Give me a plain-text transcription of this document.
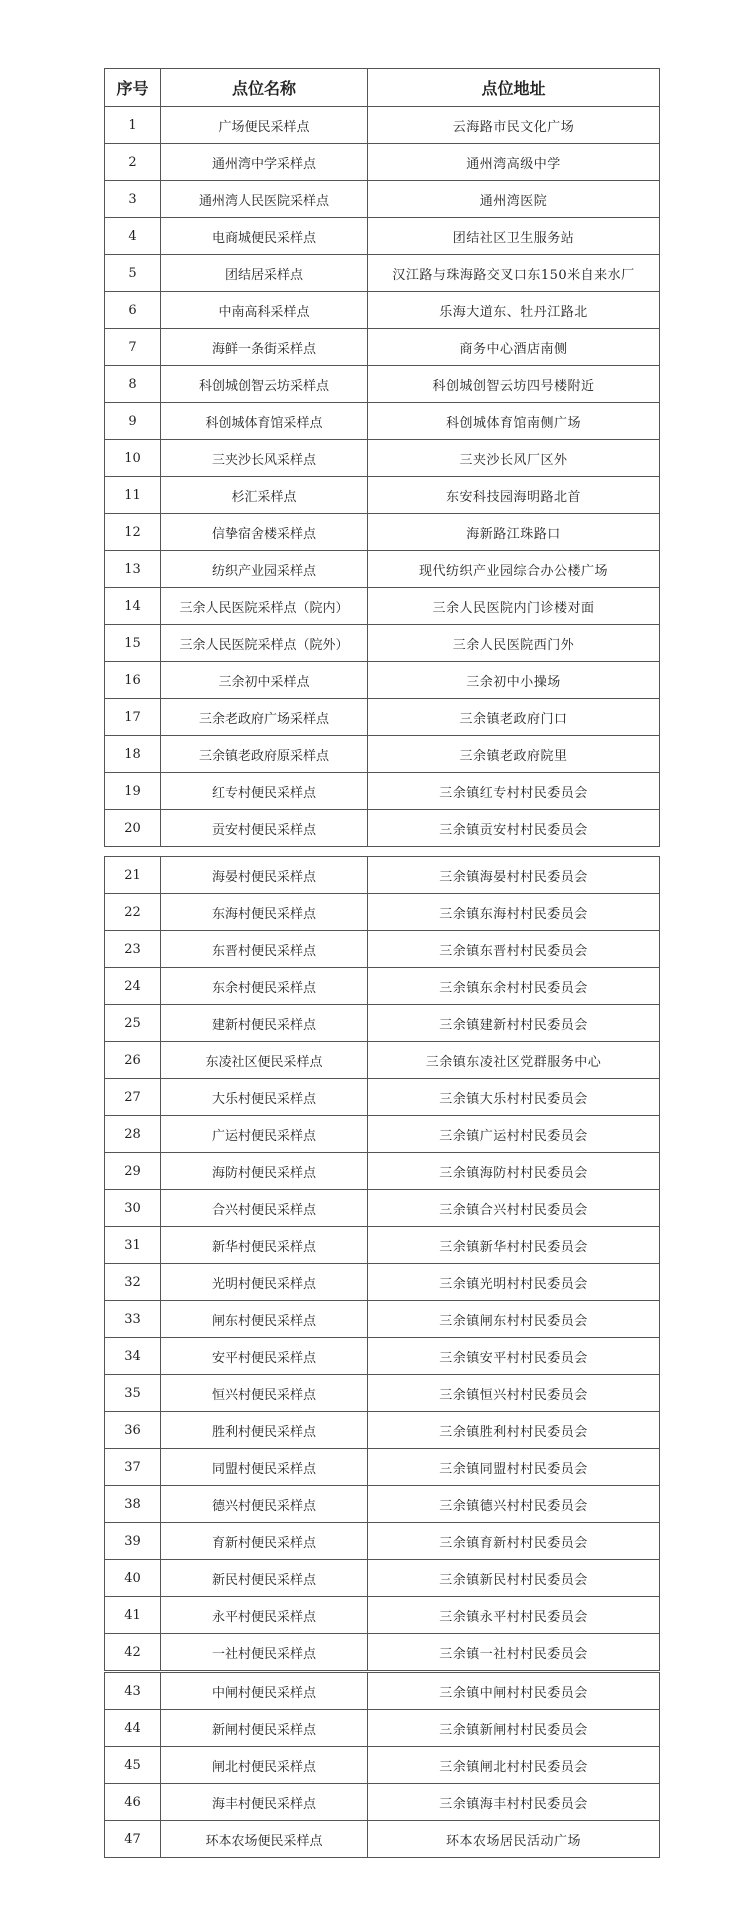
序号	点位名称	点位地址
1	广场便民采样点	云海路市民文化广场
2	通州湾中学采样点	通州湾高级中学
3	通州湾人民医院采样点	通州湾医院
4	电商城便民采样点	团结社区卫生服务站
5	团结居采样点	汉江路与珠海路交叉口东150米自来水厂
6	中南高科采样点	乐海大道东、牡丹江路北
7	海鲜一条街采样点	商务中心酒店南侧
8	科创城创智云坊采样点	科创城创智云坊四号楼附近
9	科创城体育馆采样点	科创城体育馆南侧广场
10	三夹沙长风采样点	三夹沙长风厂区外
11	杉汇采样点	东安科技园海明路北首
12	信挚宿舍楼采样点	海新路江珠路口
13	纺织产业园采样点	现代纺织产业园综合办公楼广场
14	三余人民医院采样点（院内）	三余人民医院内门诊楼对面
15	三余人民医院采样点（院外）	三余人民医院西门外
16	三余初中采样点	三余初中小操场
17	三余老政府广场采样点	三余镇老政府门口
18	三余镇老政府原采样点	三余镇老政府院里
19	红专村便民采样点	三余镇红专村村民委员会
20	贡安村便民采样点	三余镇贡安村村民委员会
21	海晏村便民采样点	三余镇海晏村村民委员会
22	东海村便民采样点	三余镇东海村村民委员会
23	东晋村便民采样点	三余镇东晋村村民委员会
24	东余村便民采样点	三余镇东余村村民委员会
25	建新村便民采样点	三余镇建新村村民委员会
26	东凌社区便民采样点	三余镇东凌社区党群服务中心
27	大乐村便民采样点	三余镇大乐村村民委员会
28	广运村便民采样点	三余镇广运村村民委员会
29	海防村便民采样点	三余镇海防村村民委员会
30	合兴村便民采样点	三余镇合兴村村民委员会
31	新华村便民采样点	三余镇新华村村民委员会
32	光明村便民采样点	三余镇光明村村民委员会
33	闸东村便民采样点	三余镇闸东村村民委员会
34	安平村便民采样点	三余镇安平村村民委员会
35	恒兴村便民采样点	三余镇恒兴村村民委员会
36	胜利村便民采样点	三余镇胜利村村民委员会
37	同盟村便民采样点	三余镇同盟村村民委员会
38	德兴村便民采样点	三余镇德兴村村民委员会
39	育新村便民采样点	三余镇育新村村民委员会
40	新民村便民采样点	三余镇新民村村民委员会
41	永平村便民采样点	三余镇永平村村民委员会
42	一社村便民采样点	三余镇一社村村民委员会
43	中闸村便民采样点	三余镇中闸村村民委员会
44	新闸村便民采样点	三余镇新闸村村民委员会
45	闸北村便民采样点	三余镇闸北村村民委员会
46	海丰村便民采样点	三余镇海丰村村民委员会
47	环本农场便民采样点	环本农场居民活动广场
